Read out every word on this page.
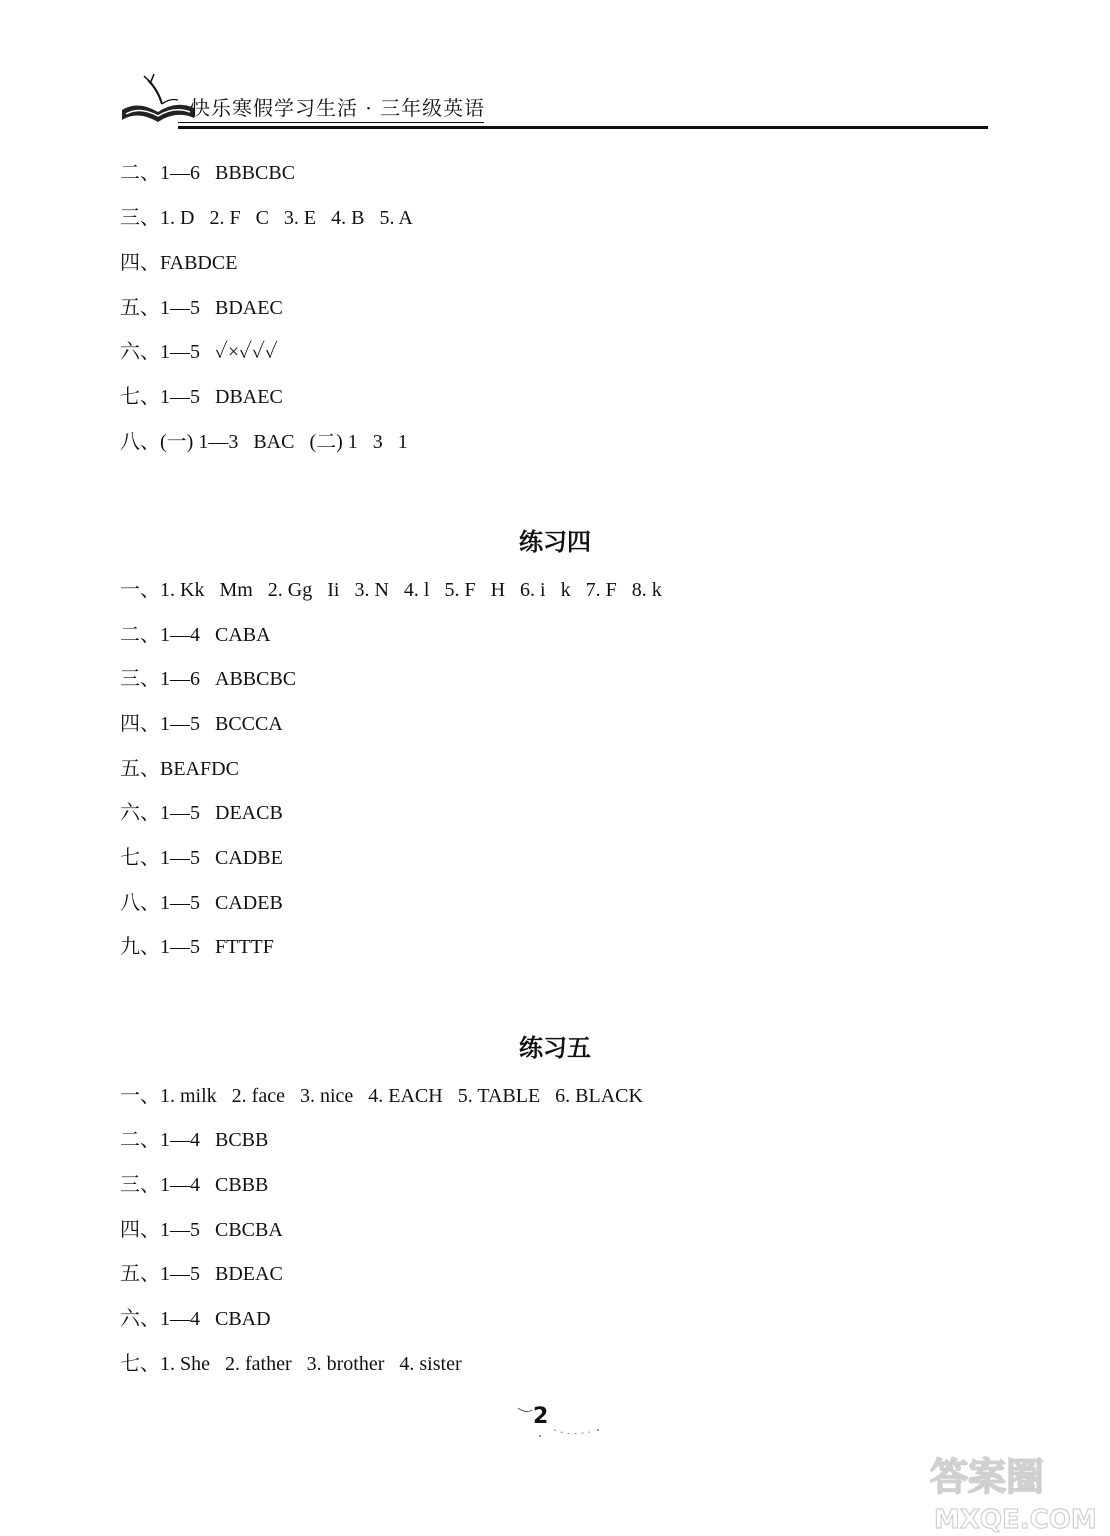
快乐寒假学习生活 · 三年级英语
二、1—6   BBBCBC
三、1. D   2. F   C   3. E   4. B   5. A
四、FABDCE
五、1—5   BDAEC
六、1—5   ✓×✓✓✓
七、1—5   DBAEC
八、(一) 1—3   BAC   (二) 1   3   1
练习四
一、1. Kk   Mm   2. Gg   Ii   3. N   4. l   5. F   H   6. i   k   7. F   8. k
二、1—4   CABA
三、1—6   ABBCBC
四、1—5   BCCCA
五、BEAFDC
六、1—5   DEACB
七、1—5   CADBE
八、1—5   CADEB
九、1—5   FTTTF
练习五
一、1. milk   2. face   3. nice   4. EACH   5. TABLE   6. BLACK
二、1—4   BCBB
三、1—4   CBBB
四、1—5   CBCBA
五、1—5   BDEAC
六、1—4   CBAD
七、1. She   2. father   3. brother   4. sister
2
答案圈
MXQE.COM
